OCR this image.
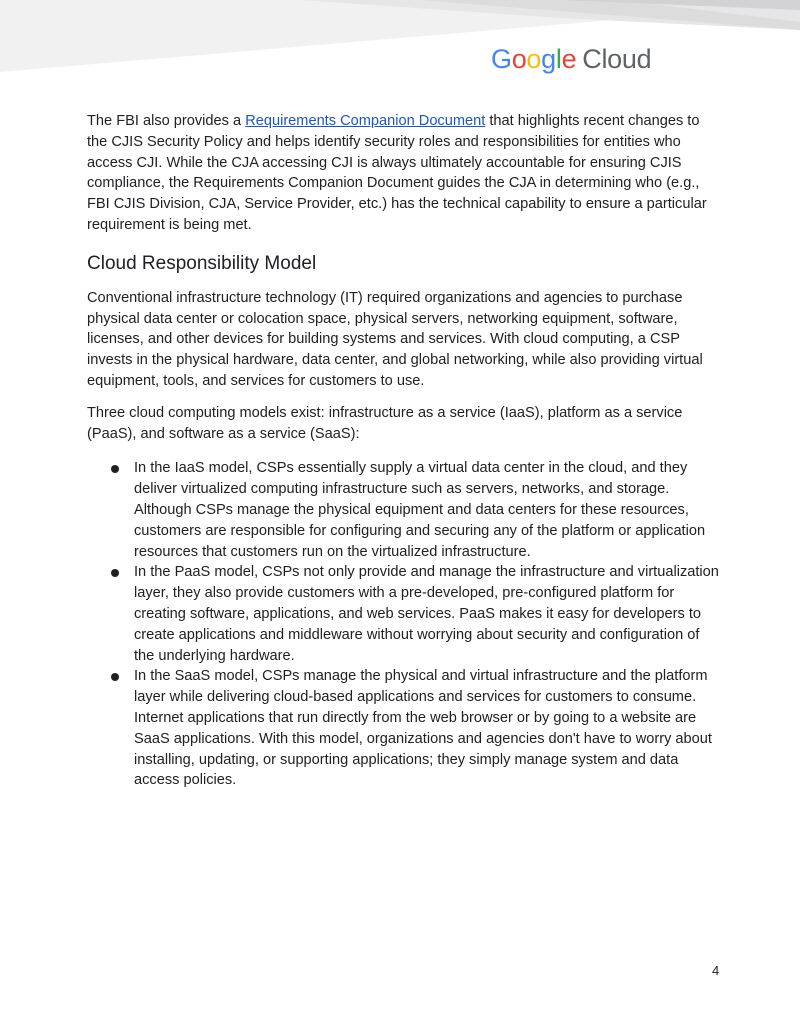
Google Cloud

The FBI also provides a Requirements Companion Document that highlights recent changes to the CJIS Security Policy and helps identify security roles and responsibilities for entities who access CJI. While the CJA accessing CJI is always ultimately accountable for ensuring CJIS compliance, the Requirements Companion Document guides the CJA in determining who (e.g., FBI CJIS Division, CJA, Service Provider, etc.) has the technical capability to ensure a particular requirement is being met.

Cloud Responsibility Model

Conventional infrastructure technology (IT) required organizations and agencies to purchase physical data center or colocation space, physical servers, networking equipment, software, licenses, and other devices for building systems and services. With cloud computing, a CSP invests in the physical hardware, data center, and global networking, while also providing virtual equipment, tools, and services for customers to use.

Three cloud computing models exist: infrastructure as a service (IaaS), platform as a service (PaaS), and software as a service (SaaS):

In the IaaS model, CSPs essentially supply a virtual data center in the cloud, and they deliver virtualized computing infrastructure such as servers, networks, and storage. Although CSPs manage the physical equipment and data centers for these resources, customers are responsible for configuring and securing any of the platform or application resources that customers run on the virtualized infrastructure.
In the PaaS model, CSPs not only provide and manage the infrastructure and virtualization layer, they also provide customers with a pre-developed, pre-configured platform for creating software, applications, and web services. PaaS makes it easy for developers to create applications and middleware without worrying about security and configuration of the underlying hardware.
In the SaaS model, CSPs manage the physical and virtual infrastructure and the platform layer while delivering cloud-based applications and services for customers to consume. Internet applications that run directly from the web browser or by going to a website are SaaS applications. With this model, organizations and agencies don't have to worry about installing, updating, or supporting applications; they simply manage system and data access policies.
4
